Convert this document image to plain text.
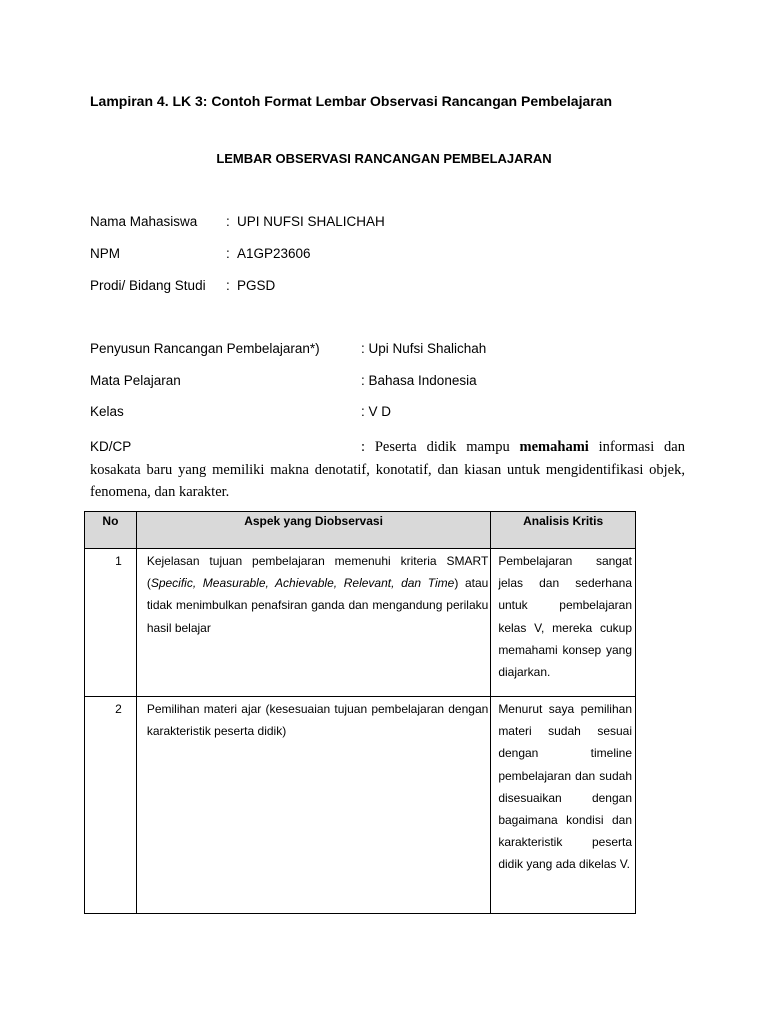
Lampiran 4. LK 3: Contoh Format Lembar Observasi Rancangan Pembelajaran
LEMBAR OBSERVASI RANCANGAN PEMBELAJARAN
Nama Mahasiswa : UPI NUFSI SHALICHAH
NPM	: A1GP23606
Prodi/ Bidang Studi : PGSD
Penyusun Rancangan Pembelajaran*)	: Upi Nufsi Shalichah
Mata Pelajaran	: Bahasa Indonesia
Kelas	: V D
KD/CP	: Peserta didik mampu memahami informasi dan
kosakata baru yang memiliki makna denotatif, konotatif, dan kiasan untuk mengidentifikasi objek, fenomena, dan karakter.
No	Aspek yang Diobservasi	Analisis Kritis

1	Kejelasan tujuan pembelajaran memenuhi kriteria SMART (Specific, Measurable, Achievable, Relevant, dan Time) atau tidak menimbulkan penafsiran ganda dan mengandung perilaku hasil belajar	Pembelajaran sangat jelas dan sederhana untuk pembelajaran kelas V, mereka cukup memahami konsep yang diajarkan.

2	Pemilihan materi ajar (kesesuaian tujuan pembelajaran dengan karakteristik peserta didik)	Menurut saya pemilihan materi sudah sesuai dengan timeline pembelajaran dan sudah disesuaikan dengan bagaimana kondisi dan karakteristik peserta didik yang ada dikelas V.
